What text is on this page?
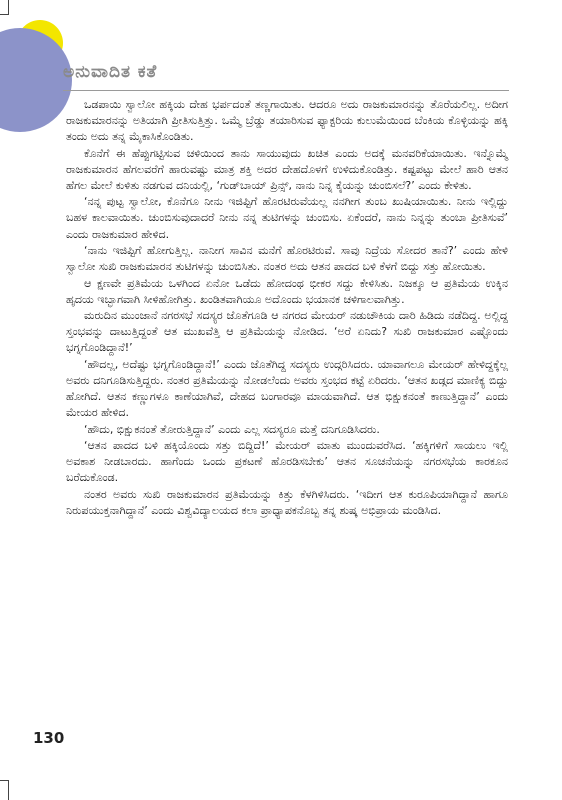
ಅನುವಾದಿತ ಕತೆ

ಒಡಪಾಯಿ ಸ್ವಾಲೋ ಹಕ್ಕಿಯ ದೇಹ ಭರ್ಪದಂತೆ ತಣ್ಣಗಾಯಿತು. ಆದರೂ ಅದು ರಾಜಕುಮಾರನನ್ನು ತೊರೆಯಲಿಲ್ಲ. ಅದೀಗ ರಾಜಕುಮಾರನನ್ನು ಅತಿಯಾಗಿ ಪ್ರೀತಿಸುತ್ತಿತ್ತು. ಒಮ್ಮೆ ಬ್ರೆಡ್ಡು ತಯಾರಿಸುವ ಫ್ಯಾಕ್ಟರಿಯ ಕುಲುಮೆಯಿಂದ ಬೆಂಕಿಯ ಕೊಳ್ಳಿಯನ್ನು ಹಕ್ಕಿ ತಂದು ಅದು ತನ್ನ ಮೈಕಾಸಿಕೊಂಡಿತು.

ಕೊನೆಗೆ ಈ ಹೆಪ್ಪುಗಟ್ಟಿಸುವ ಚಳಿಯಿಂದ ತಾನು ಸಾಯುವುದು ಖಚಿತ ಎಂದು ಅದಕ್ಕೆ ಮನವರಿಕೆಯಾಯಿತು. ಇನ್ನೊಮ್ಮೆ ರಾಜಕುಮಾರನ ಹೆಗಲವರೆಗೆ ಹಾರುವಷ್ಟು ಮಾತ್ರ ಶಕ್ತಿ ಅದರ ದೇಹದೊಳಗೆ ಉಳಿದುಕೊಂಡಿತ್ತು. ಕಷ್ಟಪಟ್ಟು ಮೇಲೆ ಹಾರಿ ಆತನ ಹೆಗಲ ಮೇಲೆ ಕುಳಿತು ನಡಗುವ ದನಿಯಲ್ಲಿ, ‘ಗುಡ್‌ಬಾಯ್ ಪ್ರಿನ್ಸ್, ನಾನು ನಿನ್ನ ಕೈಯನ್ನು ಚುಂಬಿಸಲೆ?’ ಎಂದು ಕೇಳಿತು.

‘ನನ್ನ ಪುಟ್ಟ ಸ್ವಾಲೋ, ಕೊನೆಗೂ ನೀನು ಇಜಿಪ್ಟಿಗೆ ಹೊರಟಿರುವೆಯಲ್ಲ ನನಗೀಗ ತುಂಬ ಖುಷಿಯಾಯಿತು. ನೀನು ಇಲ್ಲಿದ್ದು ಬಹಳ ಕಾಲವಾಯಿತು. ಚುಂಬಿಸುವುದಾದರೆ ನೀನು ನನ್ನ ತುಟಿಗಳನ್ನು ಚುಂಬಿಸು. ಏಕೆಂದರೆ, ನಾನು ನಿನ್ನನ್ನು ತುಂಬಾ ಪ್ರೀತಿಸುವೆ’ ಎಂದು ರಾಜಕುಮಾರ ಹೇಳಿದ.

‘ನಾನು ಇಜಿಪ್ಟಿಗೆ ಹೋಗುತ್ತಿಲ್ಲ. ನಾನೀಗ ಸಾವಿನ ಮನೆಗೆ ಹೊರಟಿರುವೆ. ಸಾವು ನಿದ್ರೆಯ ಸೋದರ ತಾನೆ?’ ಎಂದು ಹೇಳಿ ಸ್ವಾಲೋ ಸುಖಿ ರಾಜಕುಮಾರನ ತುಟಿಗಳನ್ನು ಚುಂಬಿಸಿತು. ನಂತರ ಅದು ಆತನ ಪಾದದ ಬಳಿ ಕೆಳಗೆ ಬಿದ್ದು ಸತ್ತು ಹೋಯಿತು.

ಆ ಕ್ಷಣವೇ ಪ್ರತಿಮೆಯ ಒಳಗಿಂದ ಏನೋ ಒಡೆದು ಹೋದಂಥ ಭೀಕರ ಸದ್ದು ಕೇಳಿಸಿತು. ನಿಜಕ್ಕೂ ಆ ಪ್ರತಿಮೆಯ ಉಕ್ಕಿನ ಹೃದಯ ಇಬ್ಭಾಗವಾಗಿ ಸೀಳಿಹೋಗಿತ್ತು. ಖಂಡಿತವಾಗಿಯೂ ಅದೊಂದು ಭಯಾನಕ ಚಳಿಗಾಲವಾಗಿತ್ತು.

ಮರುದಿನ ಮುಂಜಾನೆ ನಗರಸಭೆ ಸದಸ್ಯರ ಜೊತೆಗೂಡಿ ಆ ನಗರದ ಮೇಯರ್ ನಡುಚೌಕಿಯ ದಾರಿ ಹಿಡಿದು ನಡೆದಿದ್ದ. ಅಲ್ಲಿದ್ದ ಸ್ತಂಭವನ್ನು ದಾಟುತ್ತಿದ್ದಂತೆ ಆತ ಮುಖವೆತ್ತಿ ಆ ಪ್ರತಿಮೆಯನ್ನು ನೋಡಿದ. ‘ಅರೆ ಏನಿದು? ಸುಖಿ ರಾಜಕುಮಾರ ಎಷ್ಟೊಂದು ಭಗ್ನಗೊಂಡಿದ್ದಾನೆ!’

‘ಹೌದಲ್ಲ, ಅದೆಷ್ಟು ಭಗ್ನಗೊಂಡಿದ್ದಾನೆ!’ ಎಂದು ಜೊತೆಗಿದ್ದ ಸದಸ್ಯರು ಉದ್ಗರಿಸಿದರು. ಯಾವಾಗಲೂ ಮೇಯರ್ ಹೇಳಿದ್ದಕ್ಕೆಲ್ಲ ಅವರು ದನಿಗೂಡಿಸುತ್ತಿದ್ದರು. ನಂತರ ಪ್ರತಿಮೆಯನ್ನು ನೋಡಲೆಂದು ಅವರು ಸ್ತಂಭದ ಕಟ್ಟೆ ಏರಿದರು. ‘ಆತನ ಖಡ್ಗದ ಮಾಣಿಕ್ಯ ಬಿದ್ದು ಹೋಗಿದೆ. ಆತನ ಕಣ್ಣುಗಳೂ ಕಾಣೆಯಾಗಿವೆ, ದೇಹದ ಬಂಗಾರವೂ ಮಾಯವಾಗಿದೆ. ಆತ ಭಿಕ್ಷುಕನಂತೆ ಕಾಣುತ್ತಿದ್ದಾನೆ’ ಎಂದು ಮೇಯರ ಹೇಳಿದ.

‘ಹೌದು, ಭಿಕ್ಷುಕನಂತೆ ತೋರುತ್ತಿದ್ದಾನೆ’ ಎಂದು ಎಲ್ಲ ಸದಸ್ಯರೂ ಮತ್ತೆ ದನಿಗೂಡಿಸಿದರು.

‘ಆತನ ಪಾದದ ಬಳಿ ಹಕ್ಕಿಯೊಂದು ಸತ್ತು ಬಿದ್ದಿದೆ!’ ಮೇಯರ್ ಮಾತು ಮುಂದುವರೆಸಿದ. ‘ಹಕ್ಕಿಗಳಿಗೆ ಸಾಯಲು ಇಲ್ಲಿ ಅವಕಾಶ ನೀಡಬಾರದು. ಹಾಗೆಂದು ಒಂದು ಪ್ರಕಟಣೆ ಹೊರಡಿಸಬೇಕು’ ಆತನ ಸೂಚನೆಯನ್ನು ನಗರಸಭೆಯ ಕಾರಕೂನ ಬರೆದುಕೊಂಡ.

ನಂತರ ಅವರು ಸುಖಿ ರಾಜಕುಮಾರನ ಪ್ರತಿಮೆಯನ್ನು ಕಿತ್ತು ಕೆಳಗಿಳಿಸಿದರು. ‘ಇದೀಗ ಆತ ಕುರೂಪಿಯಾಗಿದ್ದಾನೆ ಹಾಗೂ ನಿರುಪಯುಕ್ತನಾಗಿದ್ದಾನೆ’ ಎಂದು ವಿಶ್ವವಿದ್ಯಾಲಯದ ಕಲಾ ಪ್ರಾಧ್ಯಾಪಕನೊಬ್ಬ ತನ್ನ ಶುಷ್ಕ ಅಭಿಪ್ರಾಯ ಮಂಡಿಸಿದ.

130
